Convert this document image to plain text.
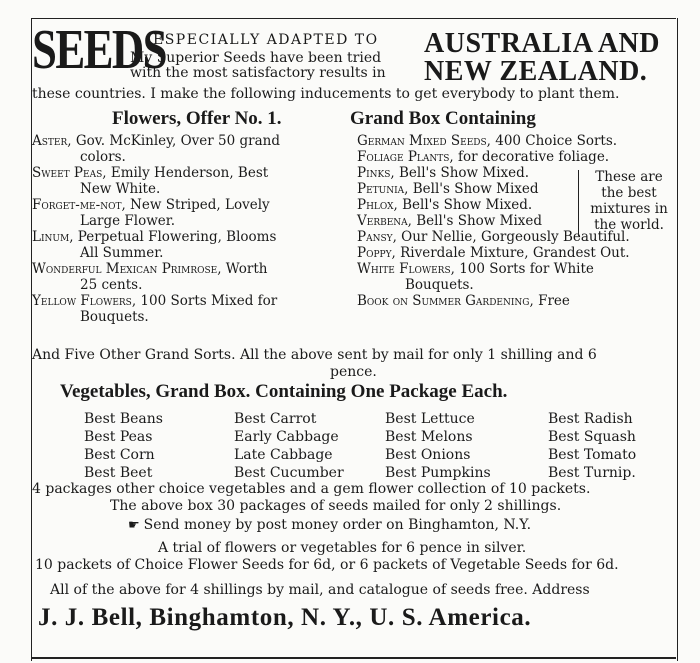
SEEDS
ESPECIALLY ADAPTED TO
My Superior Seeds have been tried
with the most satisfactory results in
AUSTRALIA AND
NEW ZEALAND.
these countries. I make the following inducements to get everybody to plant them.
Flowers, Offer No. 1.	Grand Box Containing
Aster, Gov. McKinley, Over 50 grand
colors.
Sweet Peas, Emily Henderson, Best
New White.
Forget-me-not, New Striped, Lovely
Large Flower.
Linum, Perpetual Flowering, Blooms
All Summer.
Wonderful Mexican Primrose, Worth
25 cents.
Yellow Flowers, 100 Sorts Mixed for
Bouquets.
German Mixed Seeds, 400 Choice Sorts.
Foliage Plants, for decorative foliage.
Pinks, Bell's Show Mixed.
Petunia, Bell's Show Mixed
Phlox, Bell's Show Mixed.
Verbena, Bell's Show Mixed
Pansy, Our Nellie, Gorgeously Beautiful.
Poppy, Riverdale Mixture, Grandest Out.
White Flowers, 100 Sorts for White
Bouquets.
Book on Summer Gardening, Free
These are
the best
mixtures in
the world.
And Five Other Grand Sorts. All the above sent by mail for only 1 shilling and 6
pence.
Vegetables, Grand Box. Containing One Package Each.
Best Beans
Best Peas
Best Corn
Best Beet
Best Carrot
Early Cabbage
Late Cabbage
Best Cucumber
Best Lettuce
Best Melons
Best Onions
Best Pumpkins
Best Radish
Best Squash
Best Tomato
Best Turnip.
4 packages other choice vegetables and a gem flower collection of 10 packets.
The above box 30 packages of seeds mailed for only 2 shillings.
☛ Send money by post money order on Binghamton, N.Y.
A trial of flowers or vegetables for 6 pence in silver.
10 packets of Choice Flower Seeds for 6d, or 6 packets of Vegetable Seeds for 6d.
All of the above for 4 shillings by mail, and catalogue of seeds free. Address
J. J. Bell, Binghamton, N. Y., U. S. America.
